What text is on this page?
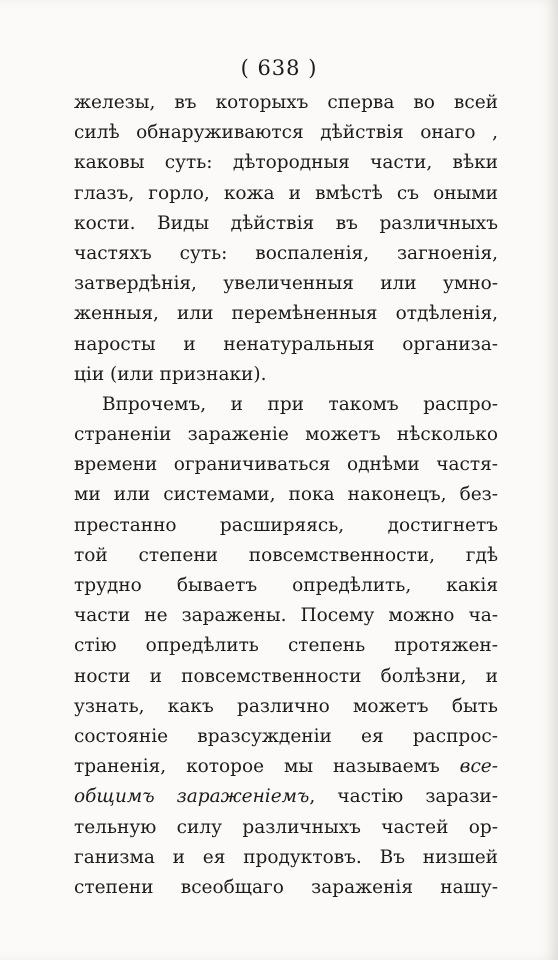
( 638 )
железы, въ которыхъ сперва во всей
силѣ обнаруживаются дѣйствія онаго ,
каковы суть: дѣтородныя части, вѣки
глазъ, горло, кожа и вмѣстѣ съ оными
кости. Виды дѣйствія въ различныхъ
частяхъ суть: воспаленія, загноенія,
затвердѣнія, увеличенныя или умно-
женныя, или перемѣненныя отдѣленія,
наросты и ненатуральныя организа-
ціи (или признаки).
Впрочемъ, и при такомъ распро-
страненіи зараженіе можетъ нѣсколько
времени ограничиваться однѣми частя-
ми или системами, пока наконецъ, без-
престанно расширяясь, достигнетъ
той степени повсемственности, гдѣ
трудно бываетъ опредѣлить, какія
части не заражены. Посему можно ча-
стію опредѣлить степень протяжен-
ности и повсемственности болѣзни, и
узнать, какъ различно можетъ быть
состояніе вразсужденіи ея распрос-
траненія, которое мы называемъ все-
общимъ зараженіемъ, частію зарази-
тельную силу различныхъ частей ор-
ганизма и ея продуктовъ. Въ низшей
степени всеобщаго зараженія нашу-
